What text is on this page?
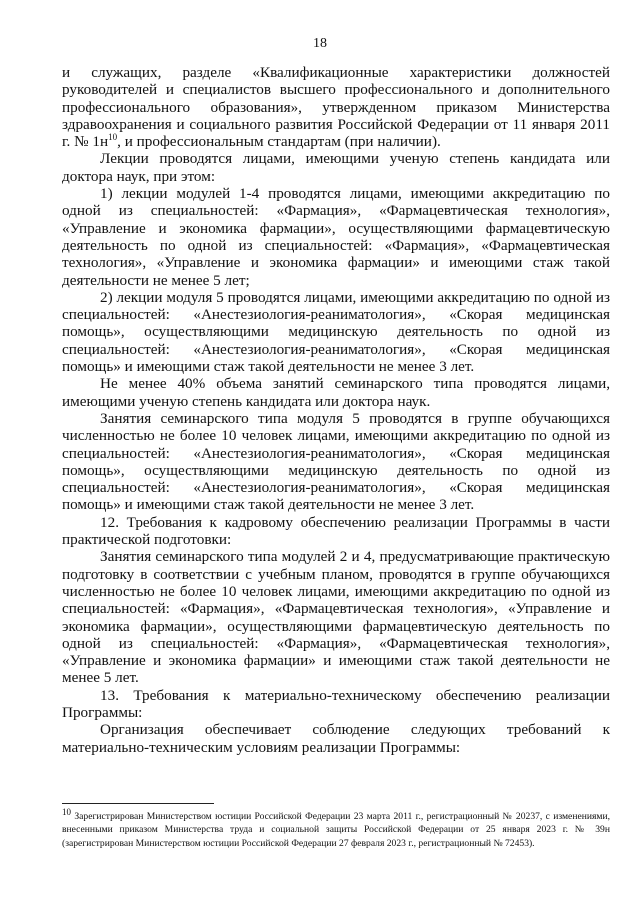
18

и служащих, разделе «Квалификационные характеристики должностей руководителей и специалистов высшего профессионального и дополнительного профессионального образования», утвержденном приказом Министерства здравоохранения и социального развития Российской Федерации от 11 января 2011 г. № $1н^{10}$, и профессиональным стандартам (при наличии).

Лекции проводятся лицами, имеющими ученую степень кандидата или доктора наук, при этом:

1) лекции модулей 1-4 проводятся лицами, имеющими аккредитацию по одной из специальностей: «Фармация», «Фармацевтическая технология», «Управление и экономика фармации», осуществляющими фармацевтическую деятельность по одной из специальностей: «Фармация», «Фармацевтическая технология», «Управление и экономика фармации» и имеющими стаж такой деятельности не менее 5 лет;

2) лекции модуля 5 проводятся лицами, имеющими аккредитацию по одной из специальностей: «Анестезиология-реаниматология», «Скорая медицинская помощь», осуществляющими медицинскую деятельность по одной из специальностей: «Анестезиология-реаниматология», «Скорая медицинская помощь» и имеющими стаж такой деятельности не менее 3 лет.

Не менее 40% объема занятий семинарского типа проводятся лицами, имеющими ученую степень кандидата или доктора наук.

Занятия семинарского типа модуля 5 проводятся в группе обучающихся численностью не более 10 человек лицами, имеющими аккредитацию по одной из специальностей: «Анестезиология-реаниматология», «Скорая медицинская помощь», осуществляющими медицинскую деятельность по одной из специальностей: «Анестезиология-реаниматология», «Скорая медицинская помощь» и имеющими стаж такой деятельности не менее 3 лет.

12. Требования к кадровому обеспечению реализации Программы в части практической подготовки:

Занятия семинарского типа модулей 2 и 4, предусматривающие практическую подготовку в соответствии с учебным планом, проводятся в группе обучающихся численностью не более 10 человек лицами, имеющими аккредитацию по одной из специальностей: «Фармация», «Фармацевтическая технология», «Управление и экономика фармации», осуществляющими фармацевтическую деятельность по одной из специальностей: «Фармация», «Фармацевтическая технология», «Управление и экономика фармации» и имеющими стаж такой деятельности не менее 5 лет.

13. Требования к материально-техническому обеспечению реализации Программы:

Организация обеспечивает соблюдение следующих требований к материально-техническим условиям реализации Программы:

$^{10}$ Зарегистрирован Министерством юстиции Российской Федерации 23 марта 2011 г., регистрационный № 20237, с изменениями, внесенными приказом Министерства труда и социальной защиты Российской Федерации от 25 января 2023 г. № 39н (зарегистрирован Министерством юстиции Российской Федерации 27 февраля 2023 г., регистрационный № 72453).
